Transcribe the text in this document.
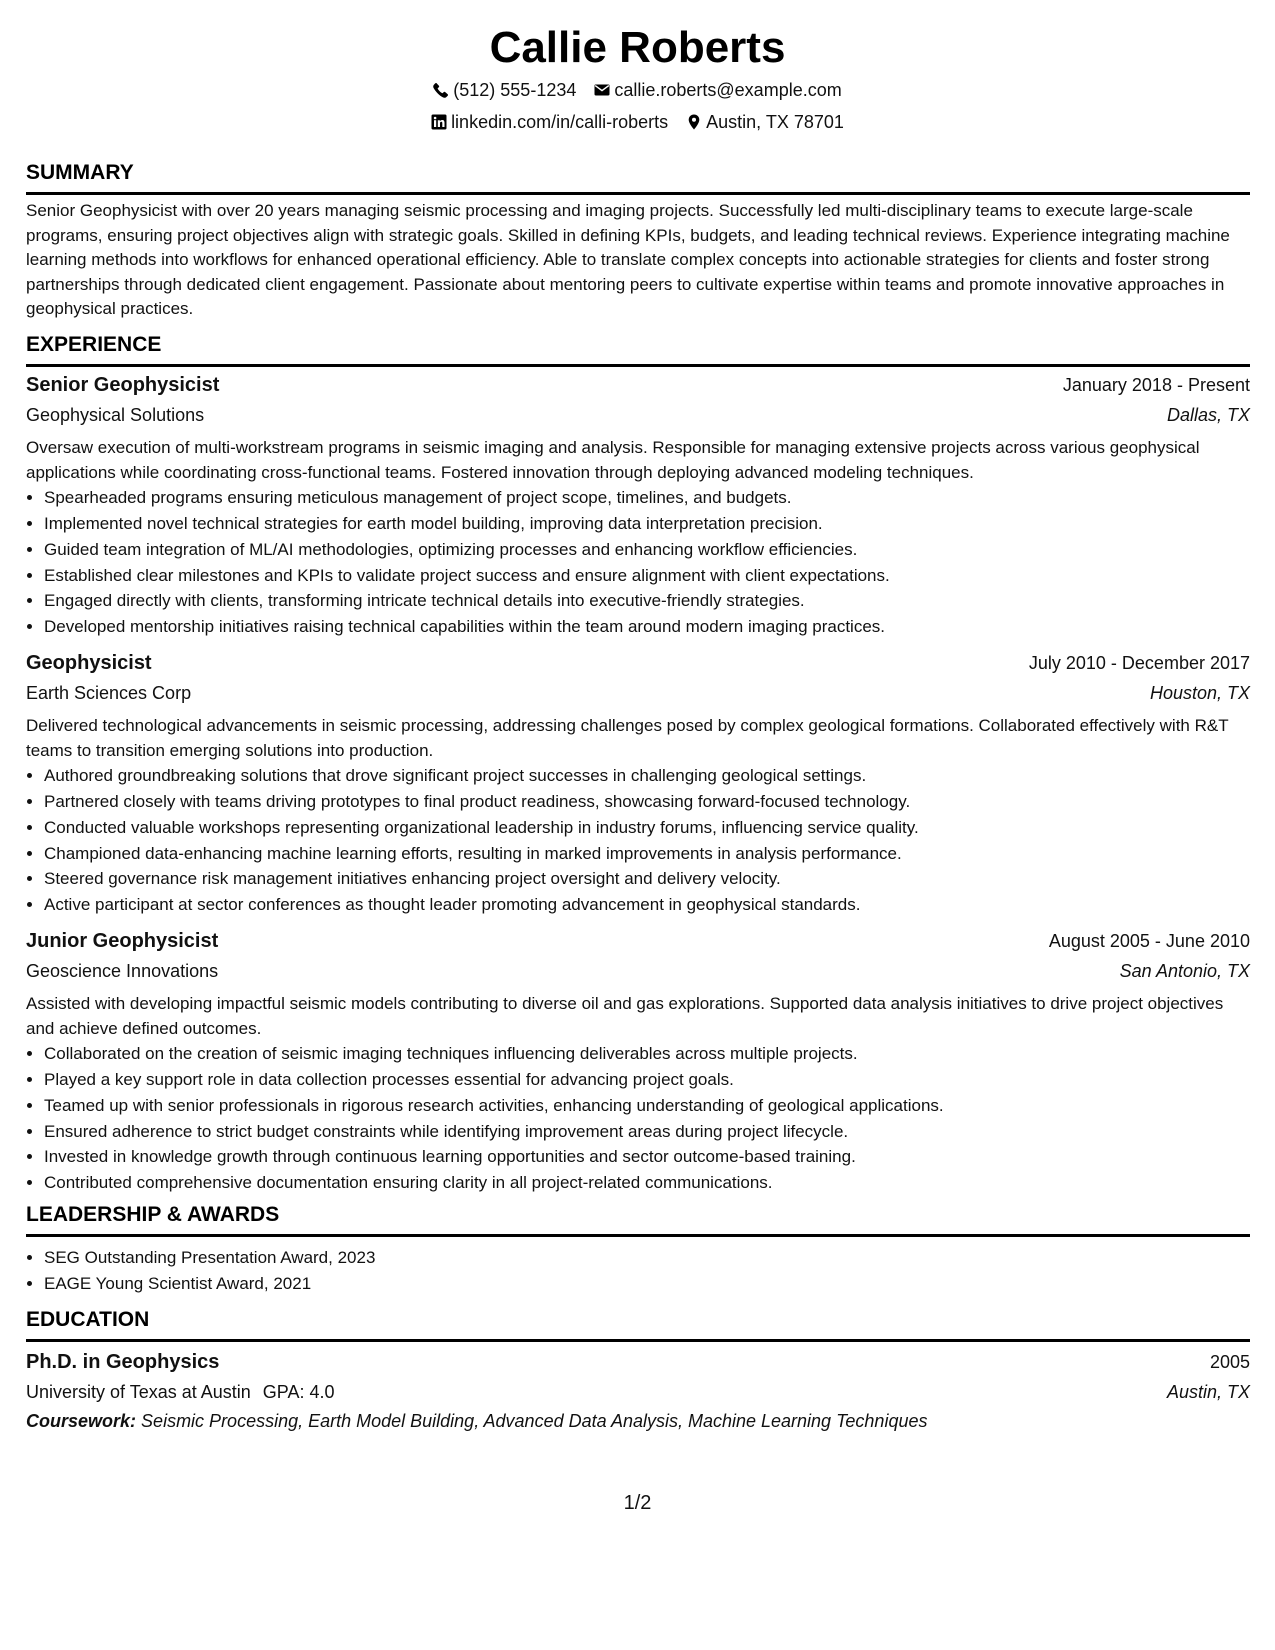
Callie Roberts
(512) 555-1234 callie.roberts@example.com
linkedin.com/in/calli-roberts Austin, TX 78701
SUMMARY

Senior Geophysicist with over 20 years managing seismic processing and imaging projects. Successfully led multi-disciplinary teams to execute large-scale programs, ensuring project objectives align with strategic goals. Skilled in defining KPIs, budgets, and leading technical reviews. Experience integrating machine learning methods into workflows for enhanced operational efficiency. Able to translate complex concepts into actionable strategies for clients and foster strong partnerships through dedicated client engagement. Passionate about mentoring peers to cultivate expertise within teams and promote innovative approaches in geophysical practices.

EXPERIENCE
Senior Geophysicist	January 2018 - Present
Geophysical Solutions	Dallas, TX

Oversaw execution of multi-workstream programs in seismic imaging and analysis. Responsible for managing extensive projects across various geophysical applications while coordinating cross-functional teams. Fostered innovation through deploying advanced modeling techniques.

• Spearheaded programs ensuring meticulous management of project scope, timelines, and budgets.
• Implemented novel technical strategies for earth model building, improving data interpretation precision.
• Guided team integration of ML/AI methodologies, optimizing processes and enhancing workflow efficiencies.
• Established clear milestones and KPIs to validate project success and ensure alignment with client expectations.
• Engaged directly with clients, transforming intricate technical details into executive-friendly strategies.
• Developed mentorship initiatives raising technical capabilities within the team around modern imaging practices.
Geophysicist	July 2010 - December 2017
Earth Sciences Corp	Houston, TX

Delivered technological advancements in seismic processing, addressing challenges posed by complex geological formations. Collaborated effectively with R&T teams to transition emerging solutions into production.

• Authored groundbreaking solutions that drove significant project successes in challenging geological settings.
• Partnered closely with teams driving prototypes to final product readiness, showcasing forward-focused technology.
• Conducted valuable workshops representing organizational leadership in industry forums, influencing service quality.
• Championed data-enhancing machine learning efforts, resulting in marked improvements in analysis performance.
• Steered governance risk management initiatives enhancing project oversight and delivery velocity.
• Active participant at sector conferences as thought leader promoting advancement in geophysical standards.
Junior Geophysicist	August 2005 - June 2010
Geoscience Innovations	San Antonio, TX

Assisted with developing impactful seismic models contributing to diverse oil and gas explorations. Supported data analysis initiatives to drive project objectives and achieve defined outcomes.

• Collaborated on the creation of seismic imaging techniques influencing deliverables across multiple projects.
• Played a key support role in data collection processes essential for advancing project goals.
• Teamed up with senior professionals in rigorous research activities, enhancing understanding of geological applications.
• Ensured adherence to strict budget constraints while identifying improvement areas during project lifecycle.
• Invested in knowledge growth through continuous learning opportunities and sector outcome-based training.
• Contributed comprehensive documentation ensuring clarity in all project-related communications.
LEADERSHIP & AWARDS
• SEG Outstanding Presentation Award, 2023
• EAGE Young Scientist Award, 2021
EDUCATION
Ph.D. in Geophysics	2005
University of Texas at Austin GPA: 4.0	Austin, TX
Coursework: Seismic Processing, Earth Model Building, Advanced Data Analysis, Machine Learning Techniques
1/2
